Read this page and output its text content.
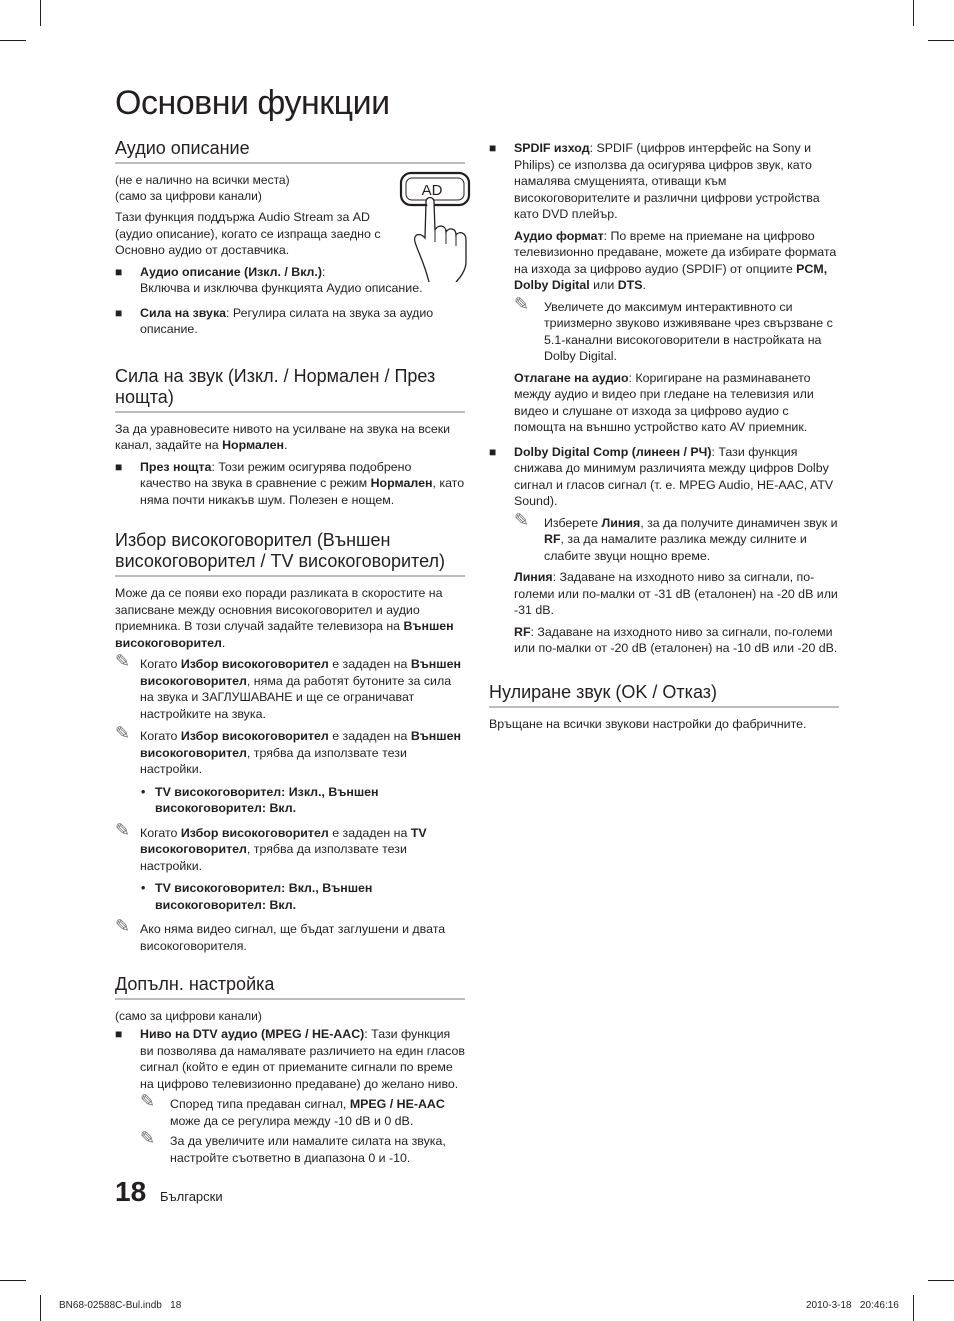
Основни функции
AD
Аудио описание

(не е налично на всички места)

(само за цифрови канали)

Тази функция поддържа Audio Stream за AD (аудио описание), когато се изпраща заедно с Основно аудио от доставчика.

■ Аудио описание (Изкл. / Вкл.):
Включва и изключва функцията Аудио описание.
■ Сила на звука: Регулира силата на звука за аудио описание.
Сила на звук (Изкл. / Нормален / През нощта)

За да уравновесите нивото на усилване на звука на всеки канал, задайте на Нормален.

■ През нощта: Този режим осигурява подобрено качество на звука в сравнение с режим Нормален, като няма почти никакъв шум. Полезен е нощем.
Избор високоговорител (Външен високоговорител / TV високоговорител)

Може да се появи ехо поради разликата в скоростите на записване между основния високоговорител и аудио приемника. В този случай задайте телевизора на Външен високоговорител.

✎ Когато Избор високоговорител е зададен на Външен високоговорител, няма да работят бутоните за сила на звука и ЗАГЛУШАВАНЕ и ще се ограничават настройките на звука.
✎ Когато Избор високоговорител е зададен на Външен високоговорител, трябва да използвате тези настройки.
• TV високоговорител: Изкл., Външен високоговорител: Вкл.
✎ Когато Избор високоговорител е зададен на TV високоговорител, трябва да използвате тези настройки.
• TV високоговорител: Вкл., Външен високоговорител: Вкл.
✎ Ако няма видео сигнал, ще бъдат заглушени и двата високоговорителя.
Допълн. настройка

(само за цифрови канали)

■ Ниво на DTV аудио (MPEG / HE-AAC): Тази функция ви позволява да намалявате различието на един гласов сигнал (който е един от приеманите сигнали по време на цифрово телевизионно предаване) до желано ниво.
✎ Според типа предаван сигнал, MPEG / HE-AAC може да се регулира между -10 dB и 0 dB.
✎ За да увеличите или намалите силата на звука, настройте съответно в диапазона 0 и -10.
■ SPDIF изход: SPDIF (цифров интерфейс на Sony и Philips) се използва да осигурява цифров звук, като намалява смущенията, отиващи към високоговорителите и различни цифрови устройства като DVD плейър.
Аудио формат: По време на приемане на цифрово телевизионно предаване, можете да избирате формата на изхода за цифрово аудио (SPDIF) от опциите PCM, Dolby Digital или DTS.
✎ Увеличете до максимум интерактивното си триизмерно звуково изживяване чрез свързване с 5.1-канални високоговорители в настройката на Dolby Digital.
Отлагане на аудио: Коригиране на разминаването между аудио и видео при гледане на телевизия или видео и слушане от изхода за цифрово аудио с помощта на външно устройство като AV приемник.
■ Dolby Digital Comp (линеен / РЧ): Тази функция снижава до минимум различията между цифров Dolby сигнал и гласов сигнал (т. е. MPEG Audio, HE-AAC, ATV Sound).
✎ Изберете Линия, за да получите динамичен звук и RF, за да намалите разлика между силните и слабите звуци нощно време.
Линия: Задаване на изходното ниво за сигнали, по-големи или по-малки от -31 dB (еталонен) на -20 dB или -31 dB.
RF: Задаване на изходното ниво за сигнали, по-големи или по-малки от -20 dB (еталонен) на -10 dB или -20 dB.
Нулиране звук (OK / Отказ)

Връщане на всички звукови настройки до фабричните.

18 Български
BN68-02588C-Bul.indb   18	2010-3-18   20:46:16
